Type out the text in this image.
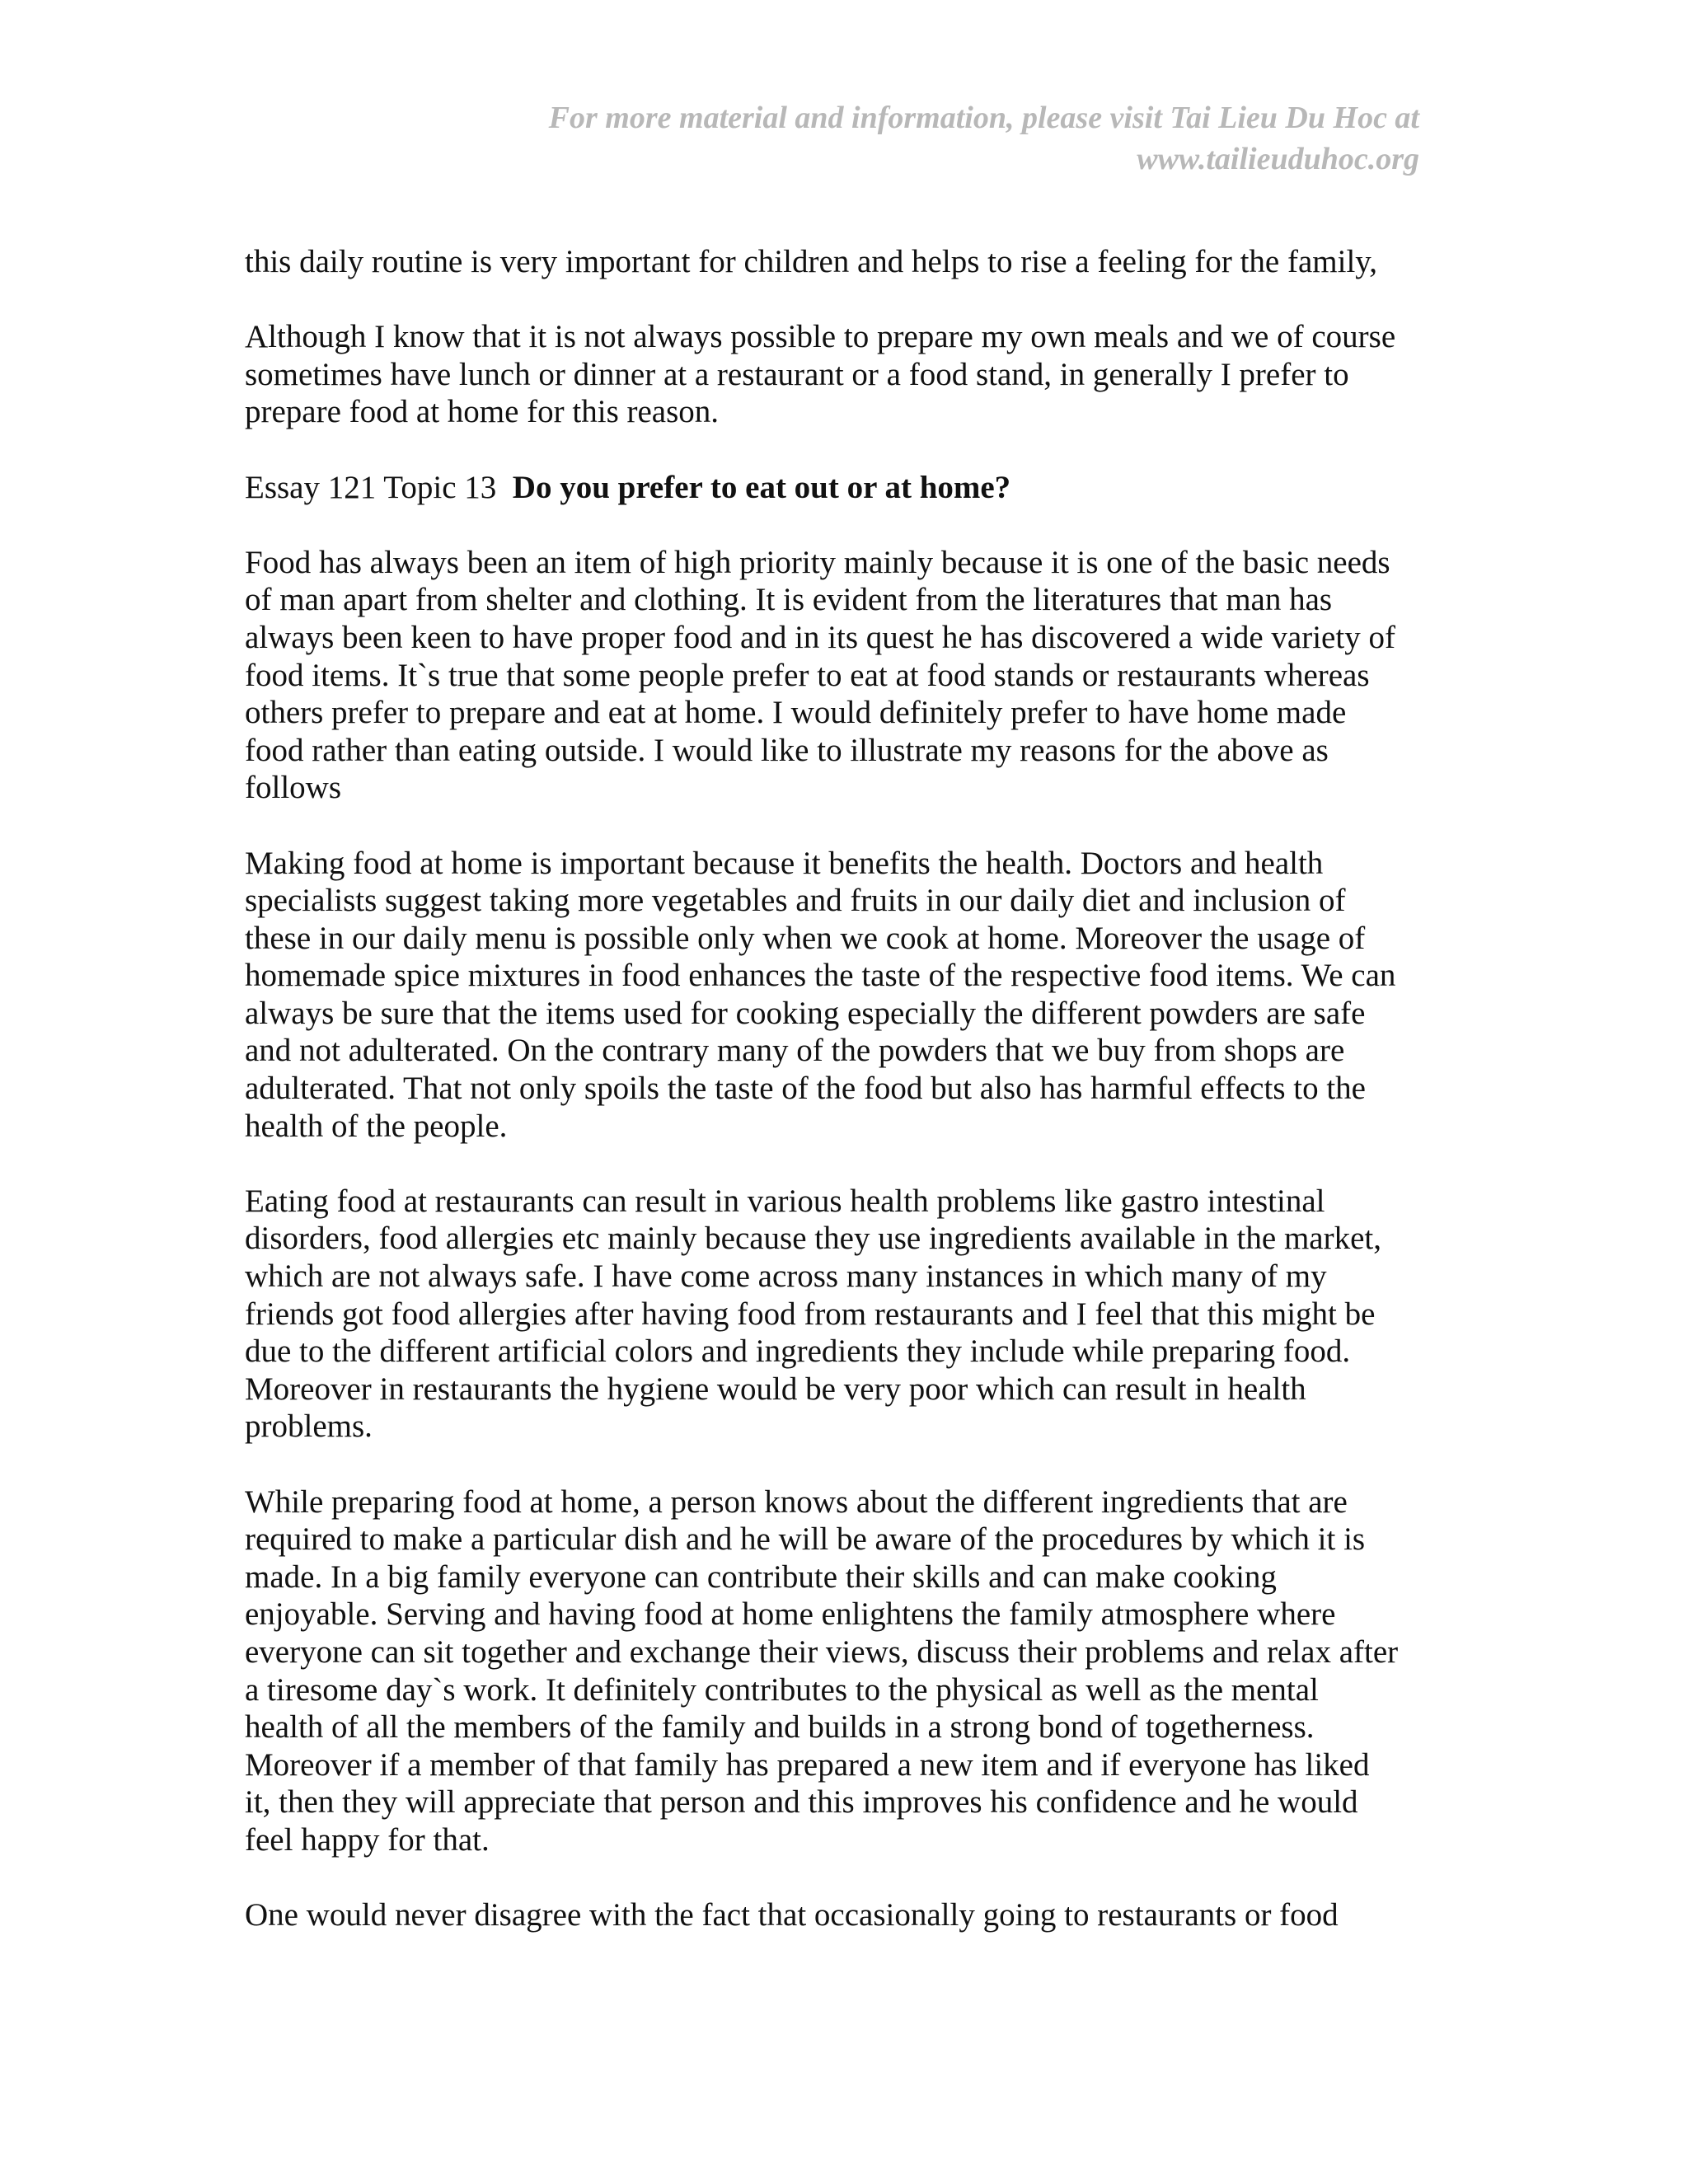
For more material and information, please visit Tai Lieu Du Hoc at
www.tailieuduhoc.org

this daily routine is very important for children and helps to rise a feeling for the family,

Although I know that it is not always possible to prepare my own meals and we of course
sometimes have lunch or dinner at a restaurant or a food stand, in generally I prefer to
prepare food at home for this reason.

Essay 121 Topic 13 Do you prefer to eat out or at home?

Food has always been an item of high priority mainly because it is one of the basic needs
of man apart from shelter and clothing. It is evident from the literatures that man has
always been keen to have proper food and in its quest he has discovered a wide variety of
food items. It`s true that some people prefer to eat at food stands or restaurants whereas
others prefer to prepare and eat at home. I would definitely prefer to have home made
food rather than eating outside. I would like to illustrate my reasons for the above as
follows

Making food at home is important because it benefits the health. Doctors and health
specialists suggest taking more vegetables and fruits in our daily diet and inclusion of
these in our daily menu is possible only when we cook at home. Moreover the usage of
homemade spice mixtures in food enhances the taste of the respective food items. We can
always be sure that the items used for cooking especially the different powders are safe
and not adulterated. On the contrary many of the powders that we buy from shops are
adulterated. That not only spoils the taste of the food but also has harmful effects to the
health of the people.

Eating food at restaurants can result in various health problems like gastro intestinal
disorders, food allergies etc mainly because they use ingredients available in the market,
which are not always safe. I have come across many instances in which many of my
friends got food allergies after having food from restaurants and I feel that this might be
due to the different artificial colors and ingredients they include while preparing food.
Moreover in restaurants the hygiene would be very poor which can result in health
problems.

While preparing food at home, a person knows about the different ingredients that are
required to make a particular dish and he will be aware of the procedures by which it is
made. In a big family everyone can contribute their skills and can make cooking
enjoyable. Serving and having food at home enlightens the family atmosphere where
everyone can sit together and exchange their views, discuss their problems and relax after
a tiresome day`s work. It definitely contributes to the physical as well as the mental
health of all the members of the family and builds in a strong bond of togetherness.
Moreover if a member of that family has prepared a new item and if everyone has liked
it, then they will appreciate that person and this improves his confidence and he would
feel happy for that.

One would never disagree with the fact that occasionally going to restaurants or food
